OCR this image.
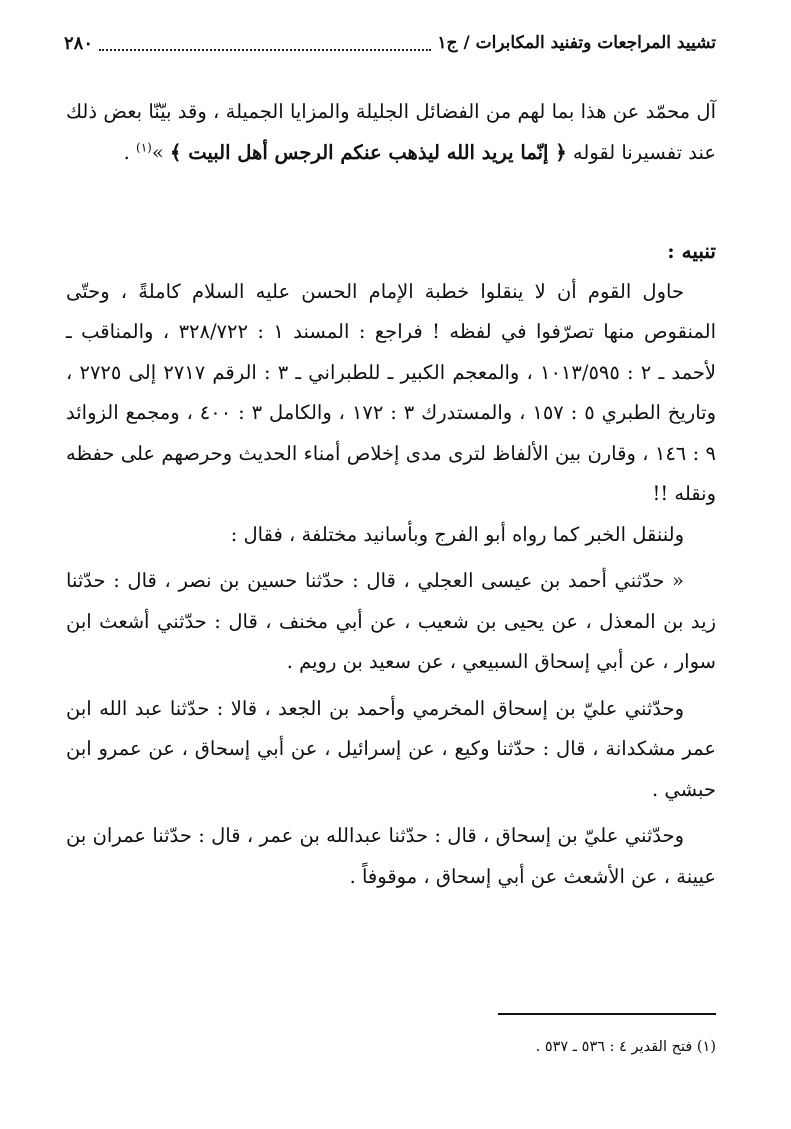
تشييد المراجعات وتفنيد المكابرات / ج١
٢٨٠

آل محمّد عن هذا بما لهم من الفضائل الجليلة والمزايا الجميلة ، وقد بيّنّا بعض ذلك عند تفسيرنا لقوله ﴿ إنّما يريد الله ليذهب عنكم الرجس أهل البيت ﴾ »$^{(١)}$ .

تنبيه :

حاول القوم أن لا ينقلوا خطبة الإمام الحسن عليه السلام كاملةً ، وحتّى المنقوص منها تصرّفوا في لفظه ! فراجع : المسند ١ : ٣٢٨/٧٢٢ ، والمناقب ـ لأحمد ـ ٢ : ١٠١٣/٥٩٥ ، والمعجم الكبير ـ للطبراني ـ ٣ : الرقم ٢٧١٧ إلى ٢٧٢٥ ، وتاريخ الطبري ٥ : ١٥٧ ، والمستدرك ٣ : ١٧٢ ، والكامل ٣ : ٤٠٠ ، ومجمع الزوائد ٩ : ١٤٦ ، وقارن بين الألفاظ لترى مدى إخلاص أمناء الحديث وحرصهم على حفظه ونقله !!

ولننقل الخبر كما رواه أبو الفرج وبأسانيد مختلفة ، فقال :

« حدّثني أحمد بن عيسى العجلي ، قال : حدّثنا حسين بن نصر ، قال : حدّثنا زيد بن المعذل ، عن يحيى بن شعيب ، عن أبي مخنف ، قال : حدّثني أشعث ابن سوار ، عن أبي إسحاق السبيعي ، عن سعيد بن رويم .

وحدّثني عليّ بن إسحاق المخرمي وأحمد بن الجعد ، قالا : حدّثنا عبد الله ابن عمر مشكدانة ، قال : حدّثنا وكيع ، عن إسرائيل ، عن أبي إسحاق ، عن عمرو ابن حبشي .

وحدّثني عليّ بن إسحاق ، قال : حدّثنا عبدالله بن عمر ، قال : حدّثنا عمران بن عيينة ، عن الأشعث عن أبي إسحاق ، موقوفاً .

(١) فتح القدير ٤ : ٥٣٦ ـ ٥٣٧ .
